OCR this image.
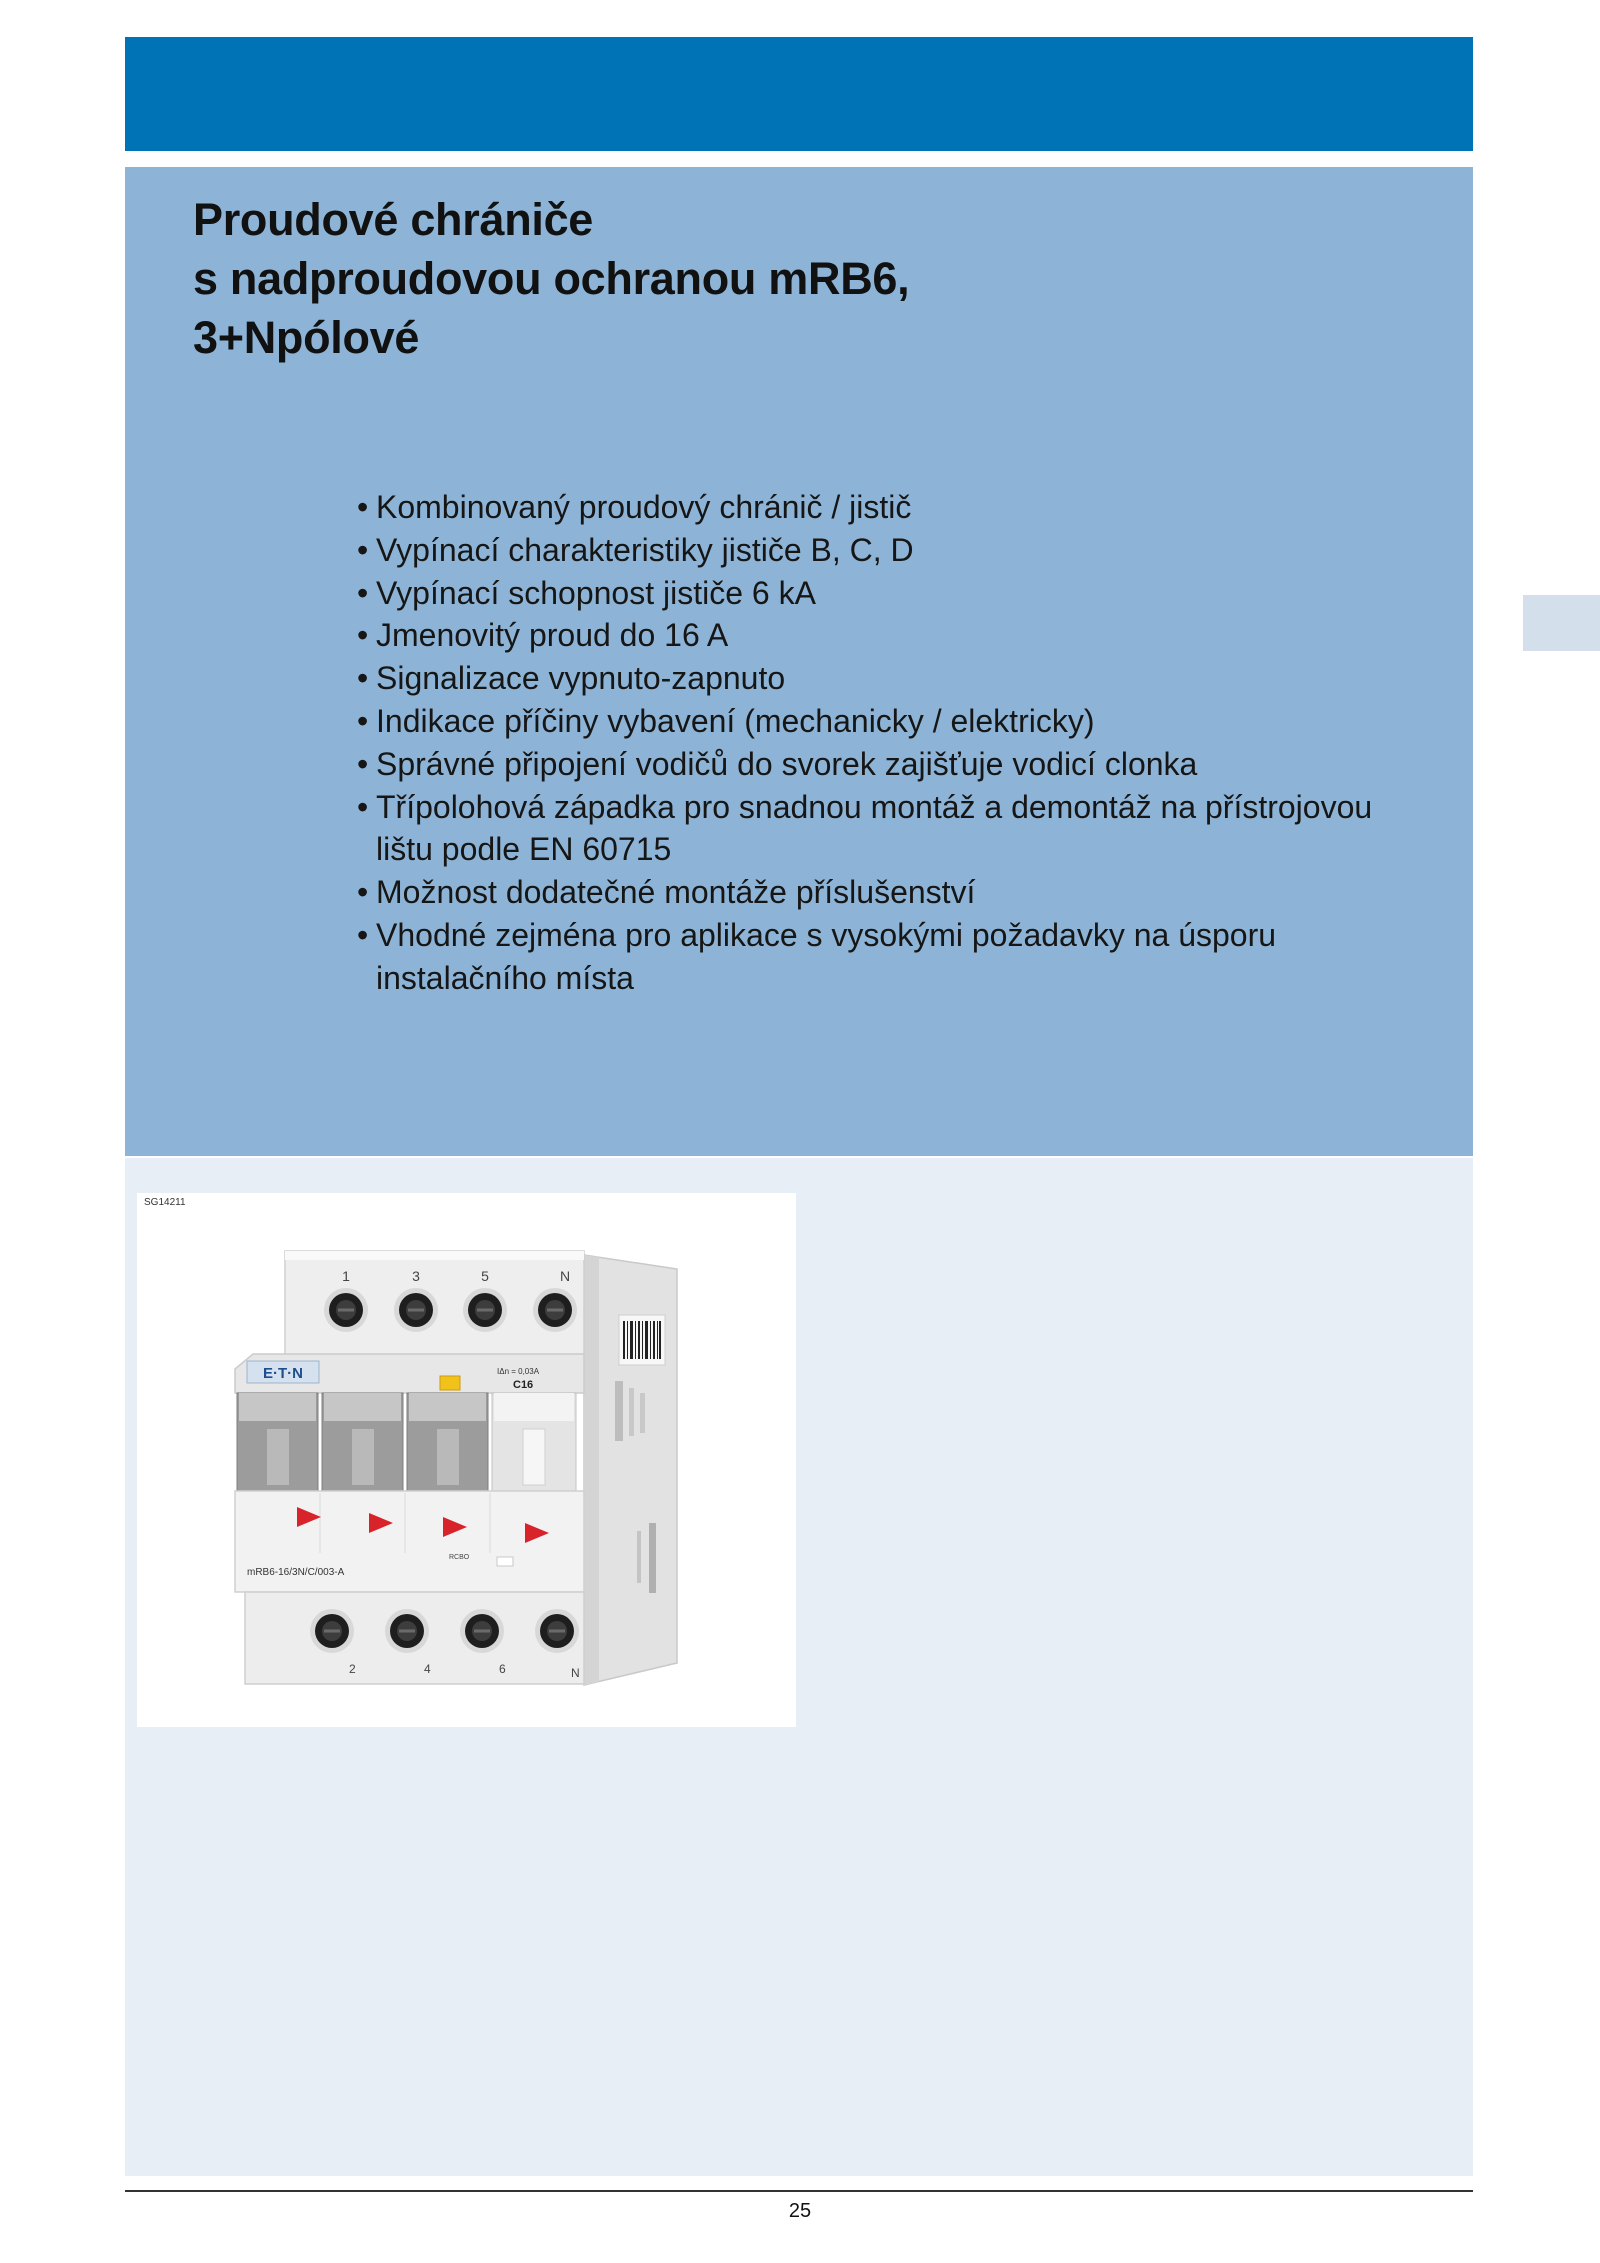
Proudové chrániče
s nadproudovou ochranou mRB6,
3+Npólové
• Kombinovaný proudový chránič / jistič
• Vypínací charakteristiky jističe B, C, D
• Vypínací schopnost jističe 6 kA
• Jmenovitý proud do 16 A
• Signalizace vypnuto-zapnuto
• Indikace příčiny vybavení (mechanicky / elektricky)
• Správné připojení vodičů do svorek zajišťuje vodicí clonka
• Třípolohová západka pro snadnou montáž a demontáž na přístrojovou
lištu podle EN 60715
• Možnost dodatečné montáže příslušenství
• Vhodné zejména pro aplikace s vysokými požadavky na úsporu
instalačního místa
1	3	5	N
E·T·N	IΔn = 0,03A
C16
RCBO
mRB6-16/3N/C/003-A
2	4	6	N
SG14211
25
